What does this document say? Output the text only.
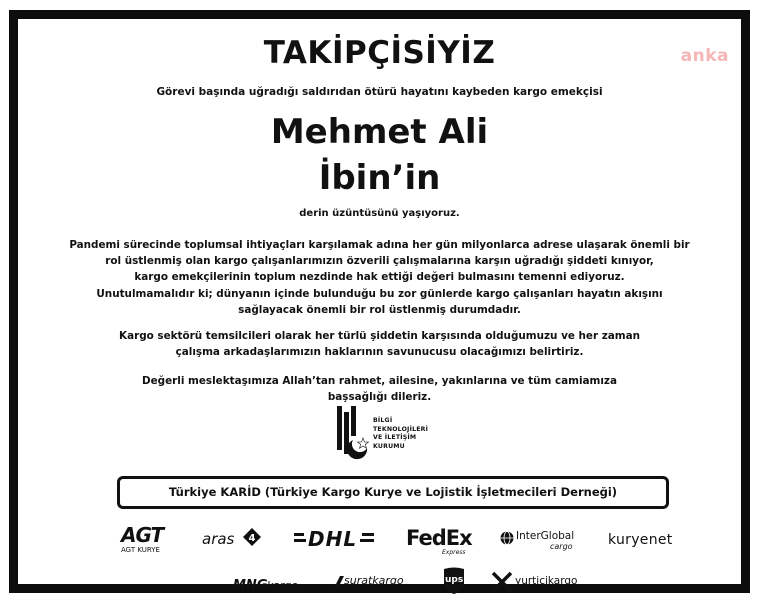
anka
TAKİPÇİSİYİZ
Görevi başında uğradığı saldırıdan ötürü hayatını kaybeden kargo emekçisi
Mehmet Ali
İbin’in
derin üzüntüsünü yaşıyoruz.
Pandemi sürecinde toplumsal ihtiyaçları karşılamak adına her gün milyonlarca adrese ulaşarak önemli bir
rol üstlenmiş olan kargo çalışanlarımızın özverili çalışmalarına karşın uğradığı şiddeti kınıyor,
kargo emekçilerinin toplum nezdinde hak ettiği değeri bulmasını temenni ediyoruz.
Unutulmamalıdır ki; dünyanın içinde bulunduğu bu zor günlerde kargo çalışanları hayatın akışını
sağlayacak önemli bir rol üstlenmiş durumdadır.
Kargo sektörü temsilcileri olarak her türlü şiddetin karşısında olduğumuzu ve her zaman
çalışma arkadaşlarımızın haklarının savunucusu olacağımızı belirtiriz.
Değerli meslektaşımıza Allah’tan rahmet, ailesine, yakınlarına ve tüm camiamıza
başsağlığı dileriz.
BİLGİ
TEKNOLOJİLERİ
VE İLETİŞİM
KURUMU
Türkiye KARİD (Türkiye Kargo Kurye ve Lojistik İşletmecileri Derneği)
AGT
AGT KURYE
aras 4	DHL FedEx
Express
InterGlobal
cargo	kuryenet
MNGkargo	suratkargo	ups	yurtiçikargo
